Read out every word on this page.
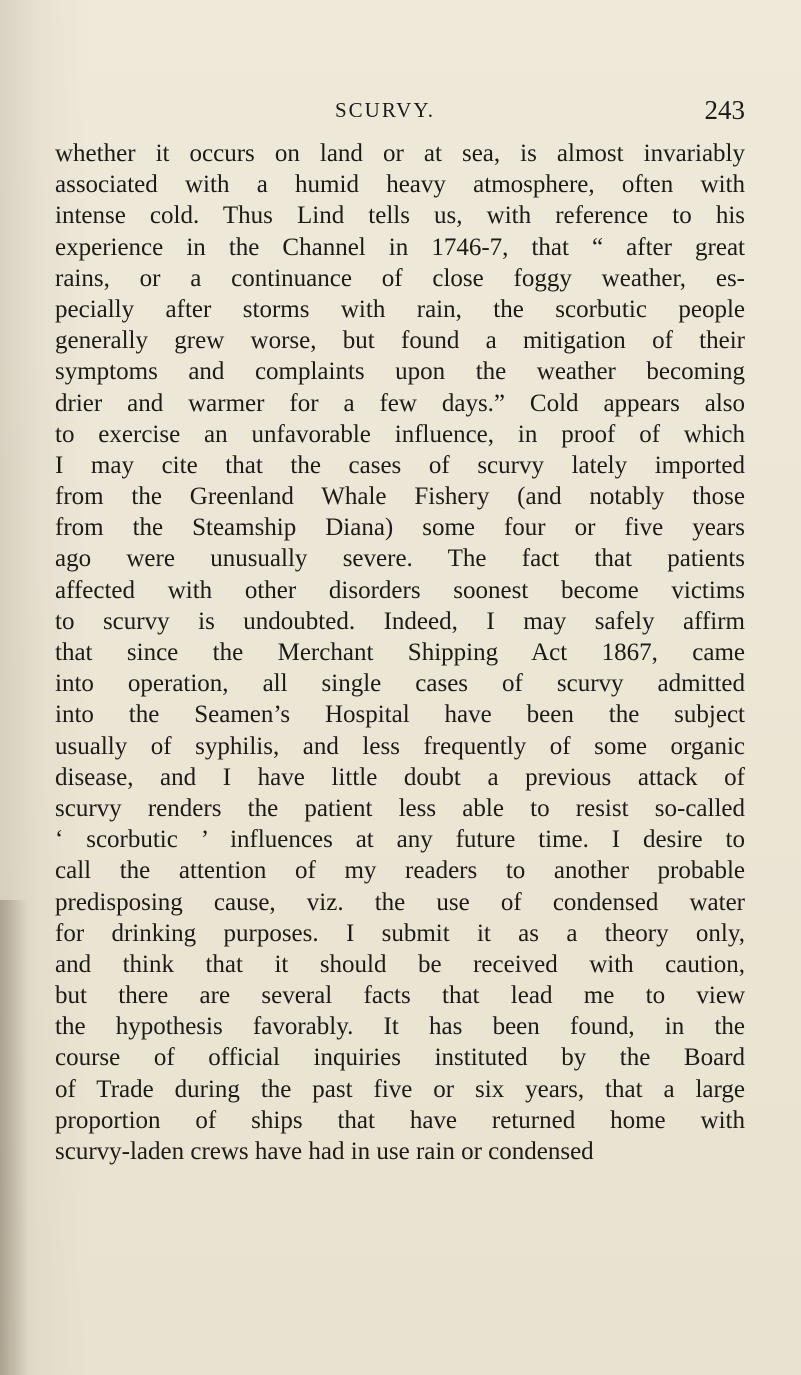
SCURVY.	243
whether it occurs on land or at sea, is almost invariably
associated with a humid heavy atmosphere, often with
intense cold. Thus Lind tells us, with reference to his
experience in the Channel in 1746-7, that “ after great
rains, or a continuance of close foggy weather, es-
pecially after storms with rain, the scorbutic people
generally grew worse, but found a mitigation of their
symptoms and complaints upon the weather becoming
drier and warmer for a few days.” Cold appears also
to exercise an unfavorable influence, in proof of which
I may cite that the cases of scurvy lately imported
from the Greenland Whale Fishery (and notably those
from the Steamship Diana) some four or five years
ago were unusually severe. The fact that patients
affected with other disorders soonest become victims
to scurvy is undoubted. Indeed, I may safely affirm
that since the Merchant Shipping Act 1867, came
into operation, all single cases of scurvy admitted
into the Seamen’s Hospital have been the subject
usually of syphilis, and less frequently of some organic
disease, and I have little doubt a previous attack of
scurvy renders the patient less able to resist so-called
‘ scorbutic ’ influences at any future time. I desire to
call the attention of my readers to another probable
predisposing cause, viz. the use of condensed water
for drinking purposes. I submit it as a theory only,
and think that it should be received with caution,
but there are several facts that lead me to view
the hypothesis favorably. It has been found, in the
course of official inquiries instituted by the Board
of Trade during the past five or six years, that a large
proportion of ships that have returned home with
scurvy-laden crews have had in use rain or condensed
